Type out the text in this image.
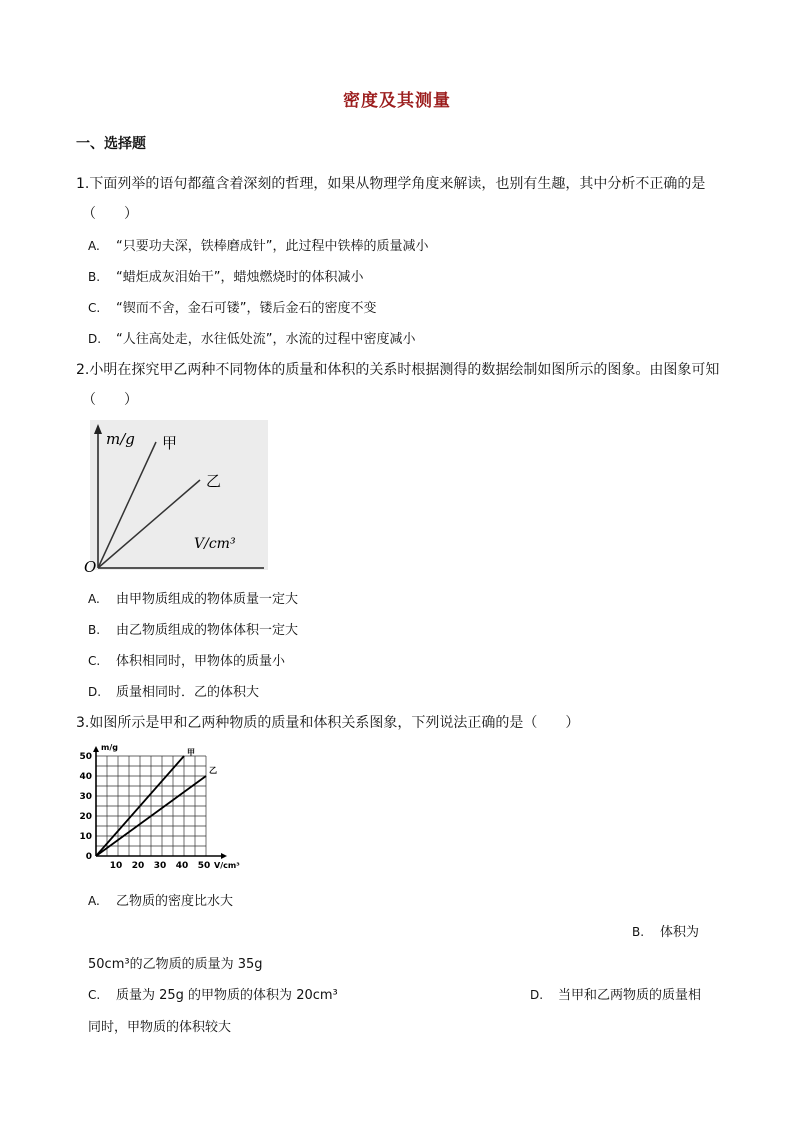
密度及其测量
一、选择题
1.下面列举的语句都蕴含着深刻的哲理，如果从物理学角度来解读，也别有生趣，其中分析不正确的是
（　　）
A. “只要功夫深，铁棒磨成针”，此过程中铁棒的质量减小
B. “蜡炬成灰泪始干”，蜡烛燃烧时的体积减小
C. “锲而不舍，金石可镂”，镂后金石的密度不变
D. “人往高处走，水往低处流”，水流的过程中密度减小
2.小明在探究甲乙两种不同物体的质量和体积的关系时根据测得的数据绘制如图所示的图象。由图象可知
（　　）
m/g 甲
乙
V/cm³
O
A. 由甲物质组成的物体质量一定大
B. 由乙物质组成的物体体积一定大
C. 体积相同时，甲物体的质量小
D. 质量相同时．乙的体积大
3.如图所示是甲和乙两种物质的质量和体积关系图象，下列说法正确的是（　　）
0
10
20
30
40
50
10 20 30 40 50
m/g
V/cm³
甲
乙
A. 乙物质的密度比水大
B. 体积为
50cm³的乙物质的质量为 35g
C. 质量为 25g 的甲物质的体积为 20cm³	D. 当甲和乙两物质的质量相
同时，甲物质的体积较大
